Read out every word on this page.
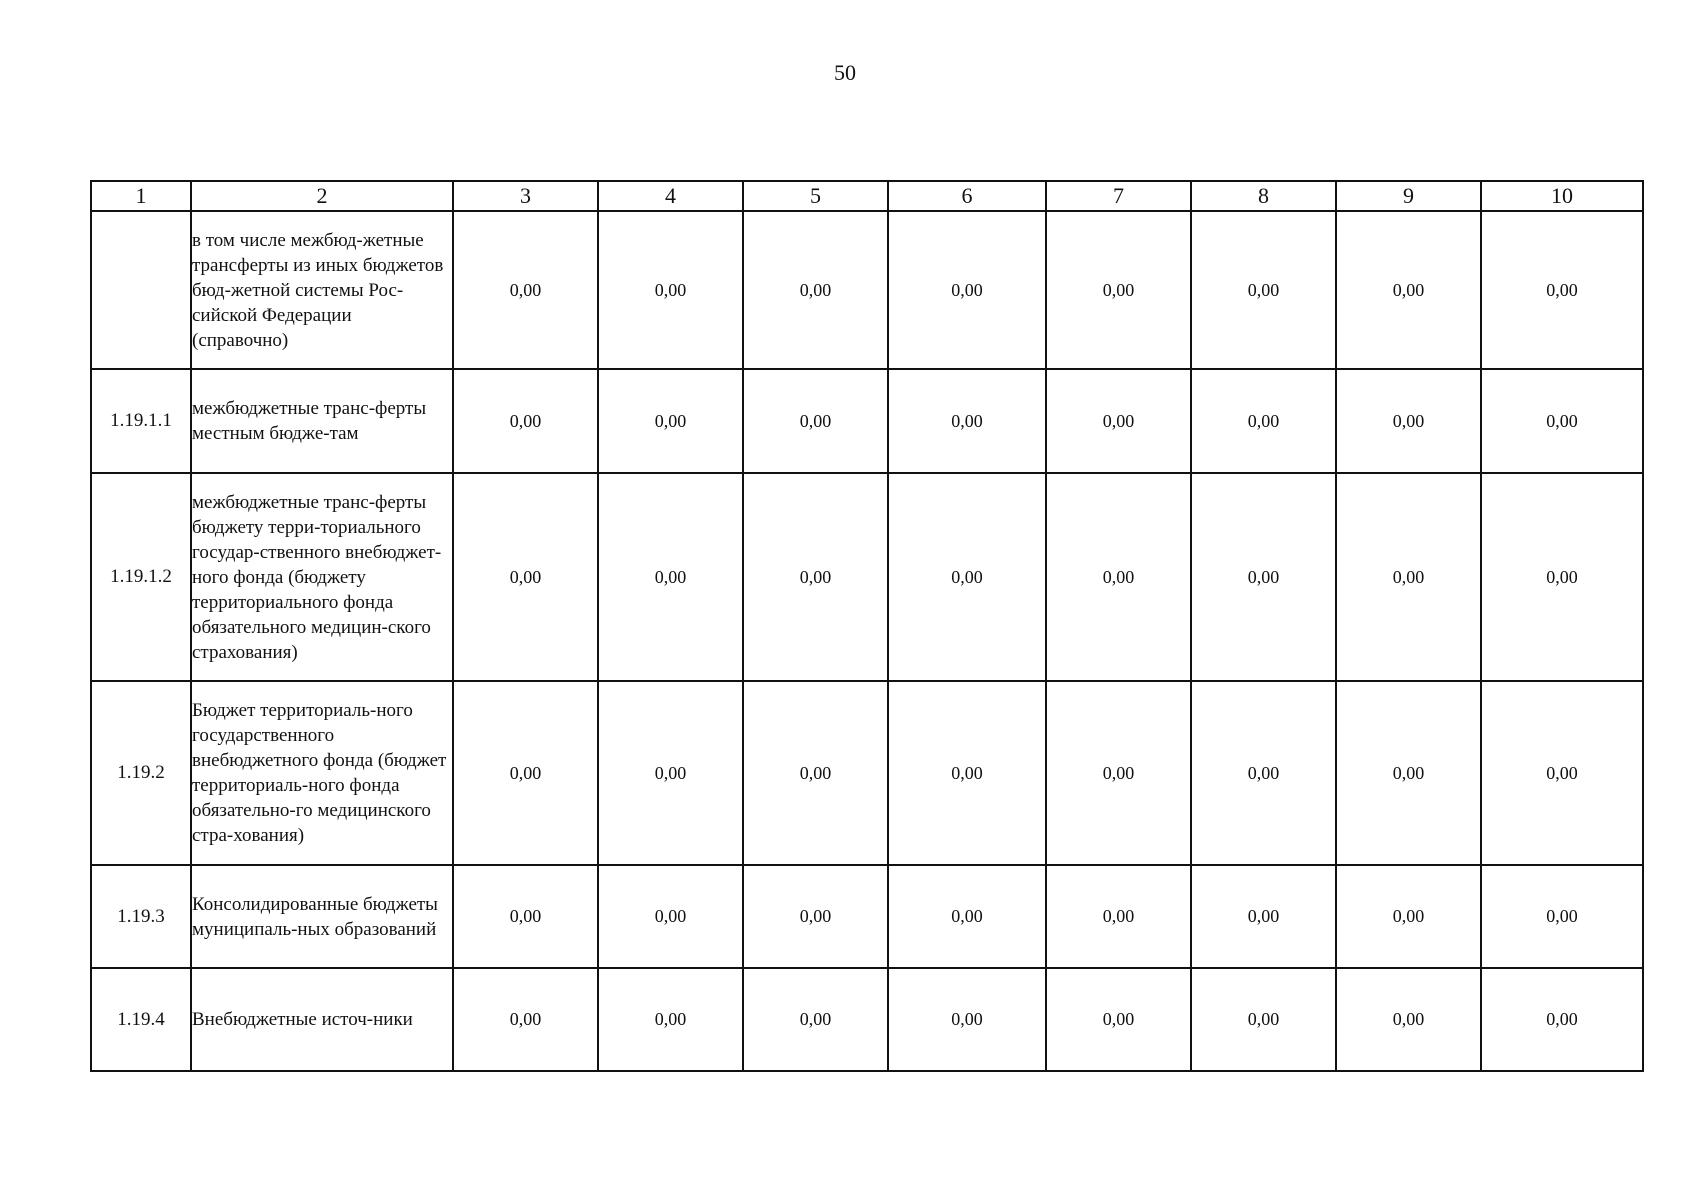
50
1	2	3	4	5	6	7	8	9	10
	в том числе межбюд-жетные трансферты из иных бюджетов бюд-жетной системы Рос-сийской Федерации (справочно)	0,00	0,00	0,00	0,00	0,00	0,00	0,00	0,00
1.19.1.1	межбюджетные транс-ферты местным бюдже-там	0,00	0,00	0,00	0,00	0,00	0,00	0,00	0,00
1.19.1.2	межбюджетные транс-ферты бюджету терри-ториального государ-ственного внебюджет-ного фонда (бюджету территориального фонда обязательного медицин-ского страхования)	0,00	0,00	0,00	0,00	0,00	0,00	0,00	0,00
1.19.2	Бюджет территориаль-ного государственного внебюджетного фонда (бюджет территориаль-ного фонда обязательно-го медицинского стра-хования)	0,00	0,00	0,00	0,00	0,00	0,00	0,00	0,00
1.19.3	Консолидированные бюджеты муниципаль-ных образований	0,00	0,00	0,00	0,00	0,00	0,00	0,00	0,00
1.19.4	Внебюджетные источ-ники	0,00	0,00	0,00	0,00	0,00	0,00	0,00	0,00
